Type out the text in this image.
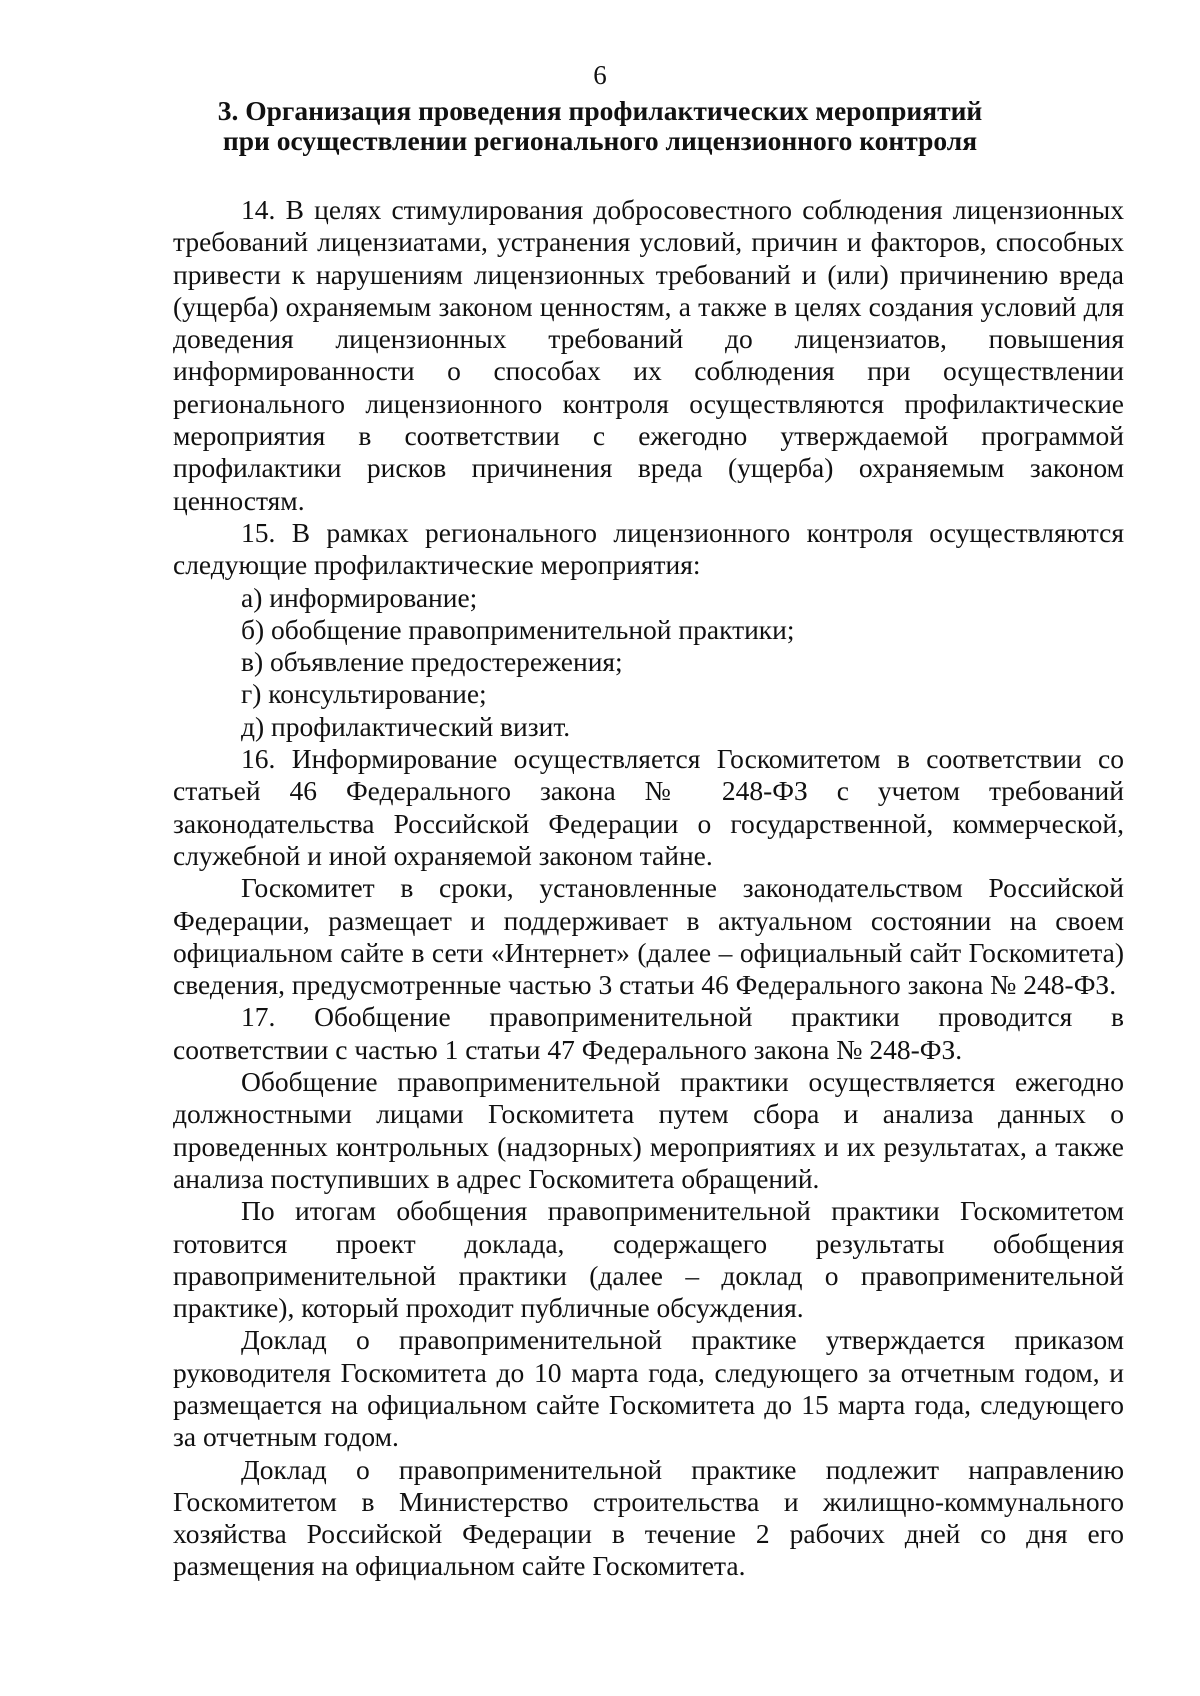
6
3. Организация проведения профилактических мероприятий
при осуществлении регионального лицензионного контроля

14. В целях стимулирования добросовестного соблюдения лицензионных требований лицензиатами, устранения условий, причин и факторов, способных привести к нарушениям лицензионных требований и (или) причинению вреда (ущерба) охраняемым законом ценностям, а также в целях создания условий для доведения лицензионных требований до лицензиатов, повышения информированности о способах их соблюдения при осуществлении регионального лицензионного контроля осуществляются профилактические мероприятия в соответствии с ежегодно утверждаемой программой профилактики рисков причинения вреда (ущерба) охраняемым законом ценностям.

15. В рамках регионального лицензионного контроля осуществляются следующие профилактические мероприятия:

а) информирование;

б) обобщение правоприменительной практики;

в) объявление предостережения;

г) консультирование;

д) профилактический визит.

16. Информирование осуществляется Госкомитетом в соответствии со статьей 46 Федерального закона № 248-ФЗ с учетом требований законодательства Российской Федерации о государственной, коммерческой, служебной и иной охраняемой законом тайне.

Госкомитет в сроки, установленные законодательством Российской Федерации, размещает и поддерживает в актуальном состоянии на своем официальном сайте в сети «Интернет» (далее – официальный сайт Госкомитета) сведения, предусмотренные частью 3 статьи 46 Федерального закона № 248-ФЗ.

17. Обобщение правоприменительной практики проводится в соответствии с частью 1 статьи 47 Федерального закона № 248-ФЗ.

Обобщение правоприменительной практики осуществляется ежегодно должностными лицами Госкомитета путем сбора и анализа данных о проведенных контрольных (надзорных) мероприятиях и их результатах, а также анализа поступивших в адрес Госкомитета обращений.

По итогам обобщения правоприменительной практики Госкомитетом готовится проект доклада, содержащего результаты обобщения правоприменительной практики (далее – доклад о правоприменительной практике), который проходит публичные обсуждения.

Доклад о правоприменительной практике утверждается приказом руководителя Госкомитета до 10 марта года, следующего за отчетным годом, и размещается на официальном сайте Госкомитета до 15 марта года, следующего за отчетным годом.

Доклад о правоприменительной практике подлежит направлению Госкомитетом в Министерство строительства и жилищно-коммунального хозяйства Российской Федерации в течение 2 рабочих дней со дня его размещения на официальном сайте Госкомитета.
